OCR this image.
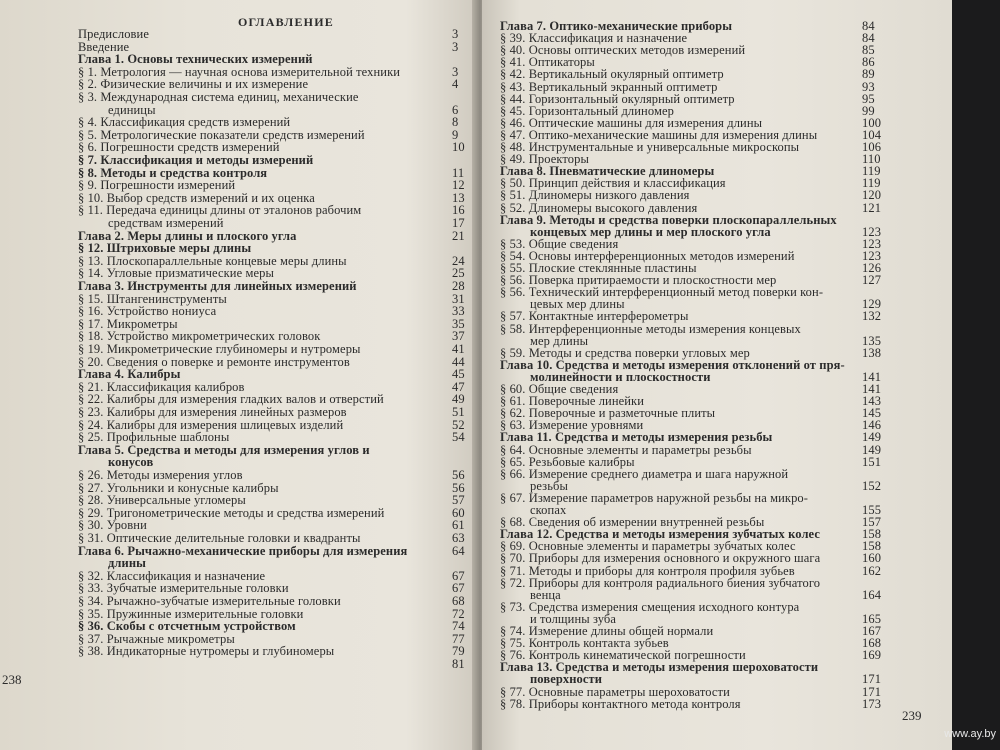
ОГЛАВЛЕНИЕ
Предисловие	3
Введение	3
Глава 1. Основы технических измерений
§ 1. Метрология — научная основа измерительной техники	3
§ 2. Физические величины и их измерение	4
§ 3. Международная система единиц, механические
единицы	6
§ 4. Классификация средств измерений	8
§ 5. Метрологические показатели средств измерений	9
§ 6. Погрешности средств измерений	10
§ 7. Классификация и методы измерений
§ 8. Методы и средства контроля	11
§ 9. Погрешности измерений	12
§ 10. Выбор средств измерений и их оценка	13
§ 11. Передача единицы длины от эталонов рабочим	16
средствам измерений	17
Глава 2. Меры длины и плоского угла	21
§ 12. Штриховые меры длины
§ 13. Плоскопараллельные концевые меры длины	24
§ 14. Угловые призматические меры	25
Глава 3. Инструменты для линейных измерений	28
§ 15. Штангенинструменты	31
§ 16. Устройство нониуса	33
§ 17. Микрометры	35
§ 18. Устройство микрометрических головок	37
§ 19. Микрометрические глубиномеры и нутромеры	41
§ 20. Сведения о поверке и ремонте инструментов	44
Глава 4. Калибры	45
§ 21. Классификация калибров	47
§ 22. Калибры для измерения гладких валов и отверстий	49
§ 23. Калибры для измерения линейных размеров	51
§ 24. Калибры для измерения шлицевых изделий	52
§ 25. Профильные шаблоны	54
Глава 5. Средства и методы для измерения углов и
конусов
§ 26. Методы измерения углов	56
§ 27. Угольники и конусные калибры	56
§ 28. Универсальные угломеры	57
§ 29. Тригонометрические методы и средства измерений	60
§ 30. Уровни	61
§ 31. Оптические делительные головки и квадранты	63
Глава 6. Рычажно-механические приборы для измерения	64
длины
§ 32. Классификация и назначение	67
§ 33. Зубчатые измерительные головки	67
§ 34. Рычажно-зубчатые измерительные головки	68
§ 35. Пружинные измерительные головки	72
§ 36. Скобы с отсчетным устройством	74
§ 37. Рычажные микрометры	77
§ 38. Индикаторные нутромеры и глубиномеры	79
81
238
Глава 7. Оптико-механические приборы	84
§ 39. Классификация и назначение	84
§ 40. Основы оптических методов измерений	85
§ 41. Оптикаторы	86
§ 42. Вертикальный окулярный оптиметр	89
§ 43. Вертикальный экранный оптиметр	93
§ 44. Горизонтальный окулярный оптиметр	95
§ 45. Горизонтальный длиномер	99
§ 46. Оптические машины для измерения длины	100
§ 47. Оптико-механические машины для измерения длины	104
§ 48. Инструментальные и универсальные микроскопы	106
§ 49. Проекторы	110
Глава 8. Пневматические длиномеры	119
§ 50. Принцип действия и классификация	119
§ 51. Длиномеры низкого давления	120
§ 52. Длиномеры высокого давления	121
Глава 9. Методы и средства поверки плоскопараллельных
концевых мер длины и мер плоского угла	123
§ 53. Общие сведения	123
§ 54. Основы интерференционных методов измерений	123
§ 55. Плоские стеклянные пластины	126
§ 56. Поверка притираемости и плоскостности мер	127
§ 56. Технический интерференционный метод поверки кон-
цевых мер длины	129
§ 57. Контактные интерферометры	132
§ 58. Интерференционные методы измерения концевых
мер длины	135
§ 59. Методы и средства поверки угловых мер	138
Глава 10. Средства и методы измерения отклонений от пря-
молинейности и плоскостности	141
§ 60. Общие сведения	141
§ 61. Поверочные линейки	143
§ 62. Поверочные и разметочные плиты	145
§ 63. Измерение уровнями	146
Глава 11. Средства и методы измерения резьбы	149
§ 64. Основные элементы и параметры резьбы	149
§ 65. Резьбовые калибры	151
§ 66. Измерение среднего диаметра и шага наружной
резьбы	152
§ 67. Измерение параметров наружной резьбы на микро-
скопах	155
§ 68. Сведения об измерении внутренней резьбы	157
Глава 12. Средства и методы измерения зубчатых колес	158
§ 69. Основные элементы и параметры зубчатых колес	158
§ 70. Приборы для измерения основного и окружного шага	160
§ 71. Методы и приборы для контроля профиля зубьев	162
§ 72. Приборы для контроля радиального биения зубчатого
венца	164
§ 73. Средства измерения смещения исходного контура
и толщины зуба	165
§ 74. Измерение длины общей нормали	167
§ 75. Контроль контакта зубьев	168
§ 76. Контроль кинематической погрешности	169
Глава 13. Средства и методы измерения шероховатости
поверхности	171
§ 77. Основные параметры шероховатости	171
§ 78. Приборы контактного метода контроля	173
239
www.ay.by
